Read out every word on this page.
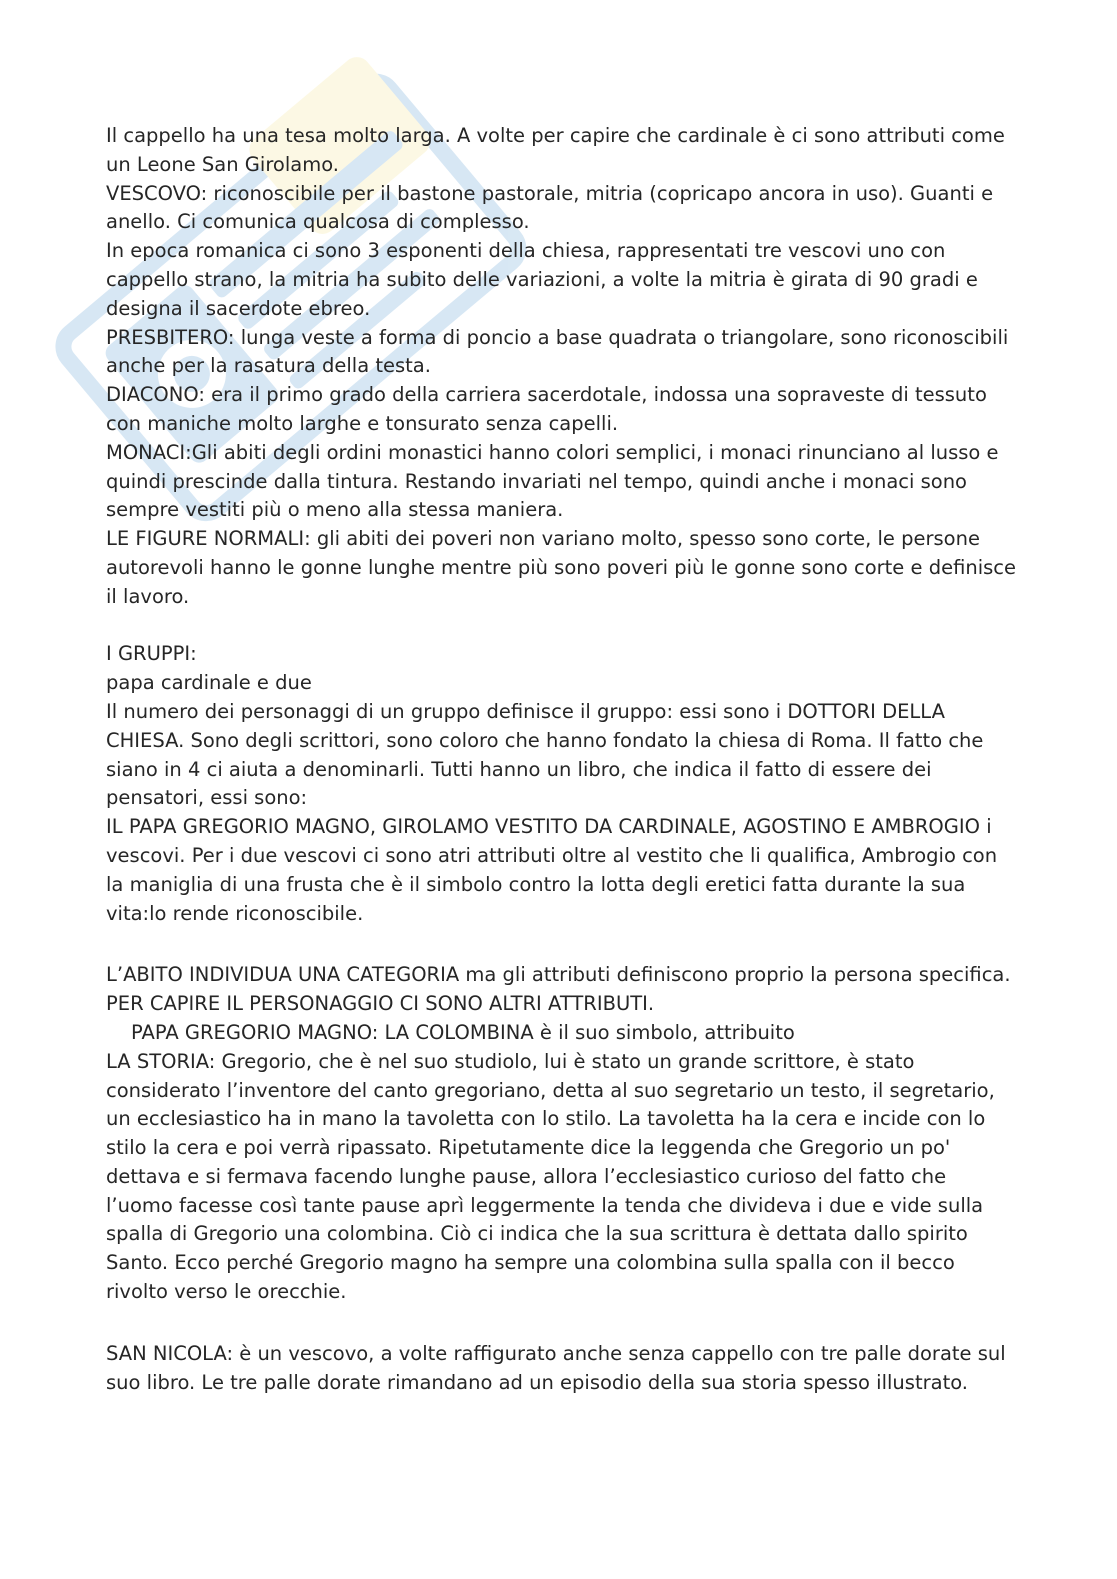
Il cappello ha una tesa molto larga. A volte per capire che cardinale è ci sono attributi come un Leone San Girolamo.

VESCOVO: riconoscibile per il bastone pastorale, mitria (copricapo ancora in uso). Guanti e anello. Ci comunica qualcosa di complesso.

In epoca romanica ci sono 3 esponenti della chiesa, rappresentati tre vescovi uno con cappello strano, la mitria ha subito delle variazioni, a volte la mitria è girata di 90 gradi e designa il sacerdote ebreo.

PRESBITERO: lunga veste a forma di poncio a base quadrata o triangolare, sono riconoscibili anche per la rasatura della testa.

DIACONO: era il primo grado della carriera sacerdotale, indossa una sopraveste di tessuto con maniche molto larghe e tonsurato senza capelli.

MONACI:Gli abiti degli ordini monastici hanno colori semplici, i monaci rinunciano al lusso e quindi prescinde dalla tintura. Restando invariati nel tempo, quindi anche i monaci sono sempre vestiti più o meno alla stessa maniera.

LE FIGURE NORMALI: gli abiti dei poveri non variano molto, spesso sono corte, le persone autorevoli hanno le gonne lunghe mentre più sono poveri più le gonne sono corte e definisce il lavoro.

I GRUPPI:

papa cardinale e due

Il numero dei personaggi di un gruppo definisce il gruppo: essi sono i DOTTORI DELLA CHIESA. Sono degli scrittori, sono coloro che hanno fondato la chiesa di Roma. Il fatto che siano in 4 ci aiuta a denominarli. Tutti hanno un libro, che indica il fatto di essere dei pensatori, essi sono:

IL PAPA GREGORIO MAGNO, GIROLAMO VESTITO DA CARDINALE, AGOSTINO E AMBROGIO i vescovi. Per i due vescovi ci sono atri attributi oltre al vestito che li qualifica, Ambrogio con la maniglia di una frusta che è il simbolo contro la lotta degli eretici fatta durante la sua vita:lo rende riconoscibile.

L’ABITO INDIVIDUA UNA CATEGORIA ma gli attributi definiscono proprio la persona specifica.

PER CAPIRE IL PERSONAGGIO CI SONO ALTRI ATTRIBUTI.

PAPA GREGORIO MAGNO: LA COLOMBINA è il suo simbolo, attribuito

LA STORIA: Gregorio, che è nel suo studiolo, lui è stato un grande scrittore, è stato considerato l’inventore del canto gregoriano, detta al suo segretario un testo, il segretario, un ecclesiastico ha in mano la tavoletta con lo stilo. La tavoletta ha la cera e incide con lo stilo la cera e poi verrà ripassato. Ripetutamente dice la leggenda che Gregorio un po' dettava e si fermava facendo lunghe pause, allora l’ecclesiastico curioso del fatto che l’uomo facesse così tante pause aprì leggermente la tenda che divideva i due e vide sulla spalla di Gregorio una colombina. Ciò ci indica che la sua scrittura è dettata dallo spirito Santo. Ecco perché Gregorio magno ha sempre una colombina sulla spalla con il becco rivolto verso le orecchie.

SAN NICOLA: è un vescovo, a volte raffigurato anche senza cappello con tre palle dorate sul suo libro. Le tre palle dorate rimandano ad un episodio della sua storia spesso illustrato.
